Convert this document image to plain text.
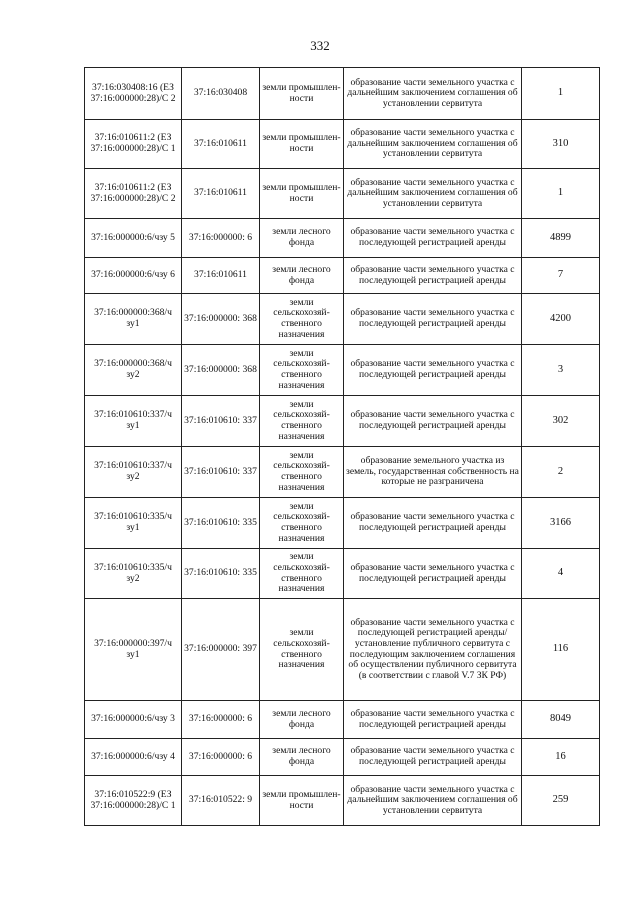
332
37:16:030408:16 (ЕЗ 37:16:000000:28)/С 2	37:16:030408	земли промышлен- ности	образование части земельного участка с дальнейшим заключением соглашения об установлении сервитута	1
37:16:010611:2 (ЕЗ 37:16:000000:28)/С 1	37:16:010611	земли промышлен- ности	образование части земельного участка с дальнейшим заключением соглашения об установлении сервитута	310
37:16:010611:2 (ЕЗ 37:16:000000:28)/С 2	37:16:010611	земли промышлен- ности	образование части земельного участка с дальнейшим заключением соглашения об установлении сервитута	1
37:16:000000:6/чзу 5	37:16:000000: 6	земли лесного фонда	образование части земельного участка с последующей регистрацией аренды	4899
37:16:000000:6/чзу 6	37:16:010611	земли лесного фонда	образование части земельного участка с последующей регистрацией аренды	7
37:16:000000:368/ч зу1	37:16:000000: 368	земли сельскохозяй- ственного назначения	образование части земельного участка с последующей регистрацией аренды	4200
37:16:000000:368/ч зу2	37:16:000000: 368	земли сельскохозяй- ственного назначения	образование части земельного участка с последующей регистрацией аренды	3
37:16:010610:337/ч зу1	37:16:010610: 337	земли сельскохозяй- ственного назначения	образование части земельного участка с последующей регистрацией аренды	302
37:16:010610:337/ч зу2	37:16:010610: 337	земли сельскохозяй- ственного назначения	образование земельного участка из земель, государственная собственность на которые не разграничена	2
37:16:010610:335/ч зу1	37:16:010610: 335	земли сельскохозяй- ственного назначения	образование части земельного участка с последующей регистрацией аренды	3166
37:16:010610:335/ч зу2	37:16:010610: 335	земли сельскохозяй- ственного назначения	образование части земельного участка с последующей регистрацией аренды	4
37:16:000000:397/ч зу1	37:16:000000: 397	земли сельскохозяй- ственного назначения	образование части земельного участка с последующей регистрацией аренды/установление публичного сервитута с последующим заключением соглашения об осуществлении публичного сервитута (в соответствии с главой V.7 ЗК РФ)	116
37:16:000000:6/чзу 3	37:16:000000: 6	земли лесного фонда	образование части земельного участка с последующей регистрацией аренды	8049
37:16:000000:6/чзу 4	37:16:000000: 6	земли лесного фонда	образование части земельного участка с последующей регистрацией аренды	16
37:16:010522:9 (ЕЗ 37:16:000000:28)/С 1	37:16:010522: 9	земли промышлен- ности	образование части земельного участка с дальнейшим заключением соглашения об установлении сервитута	259
